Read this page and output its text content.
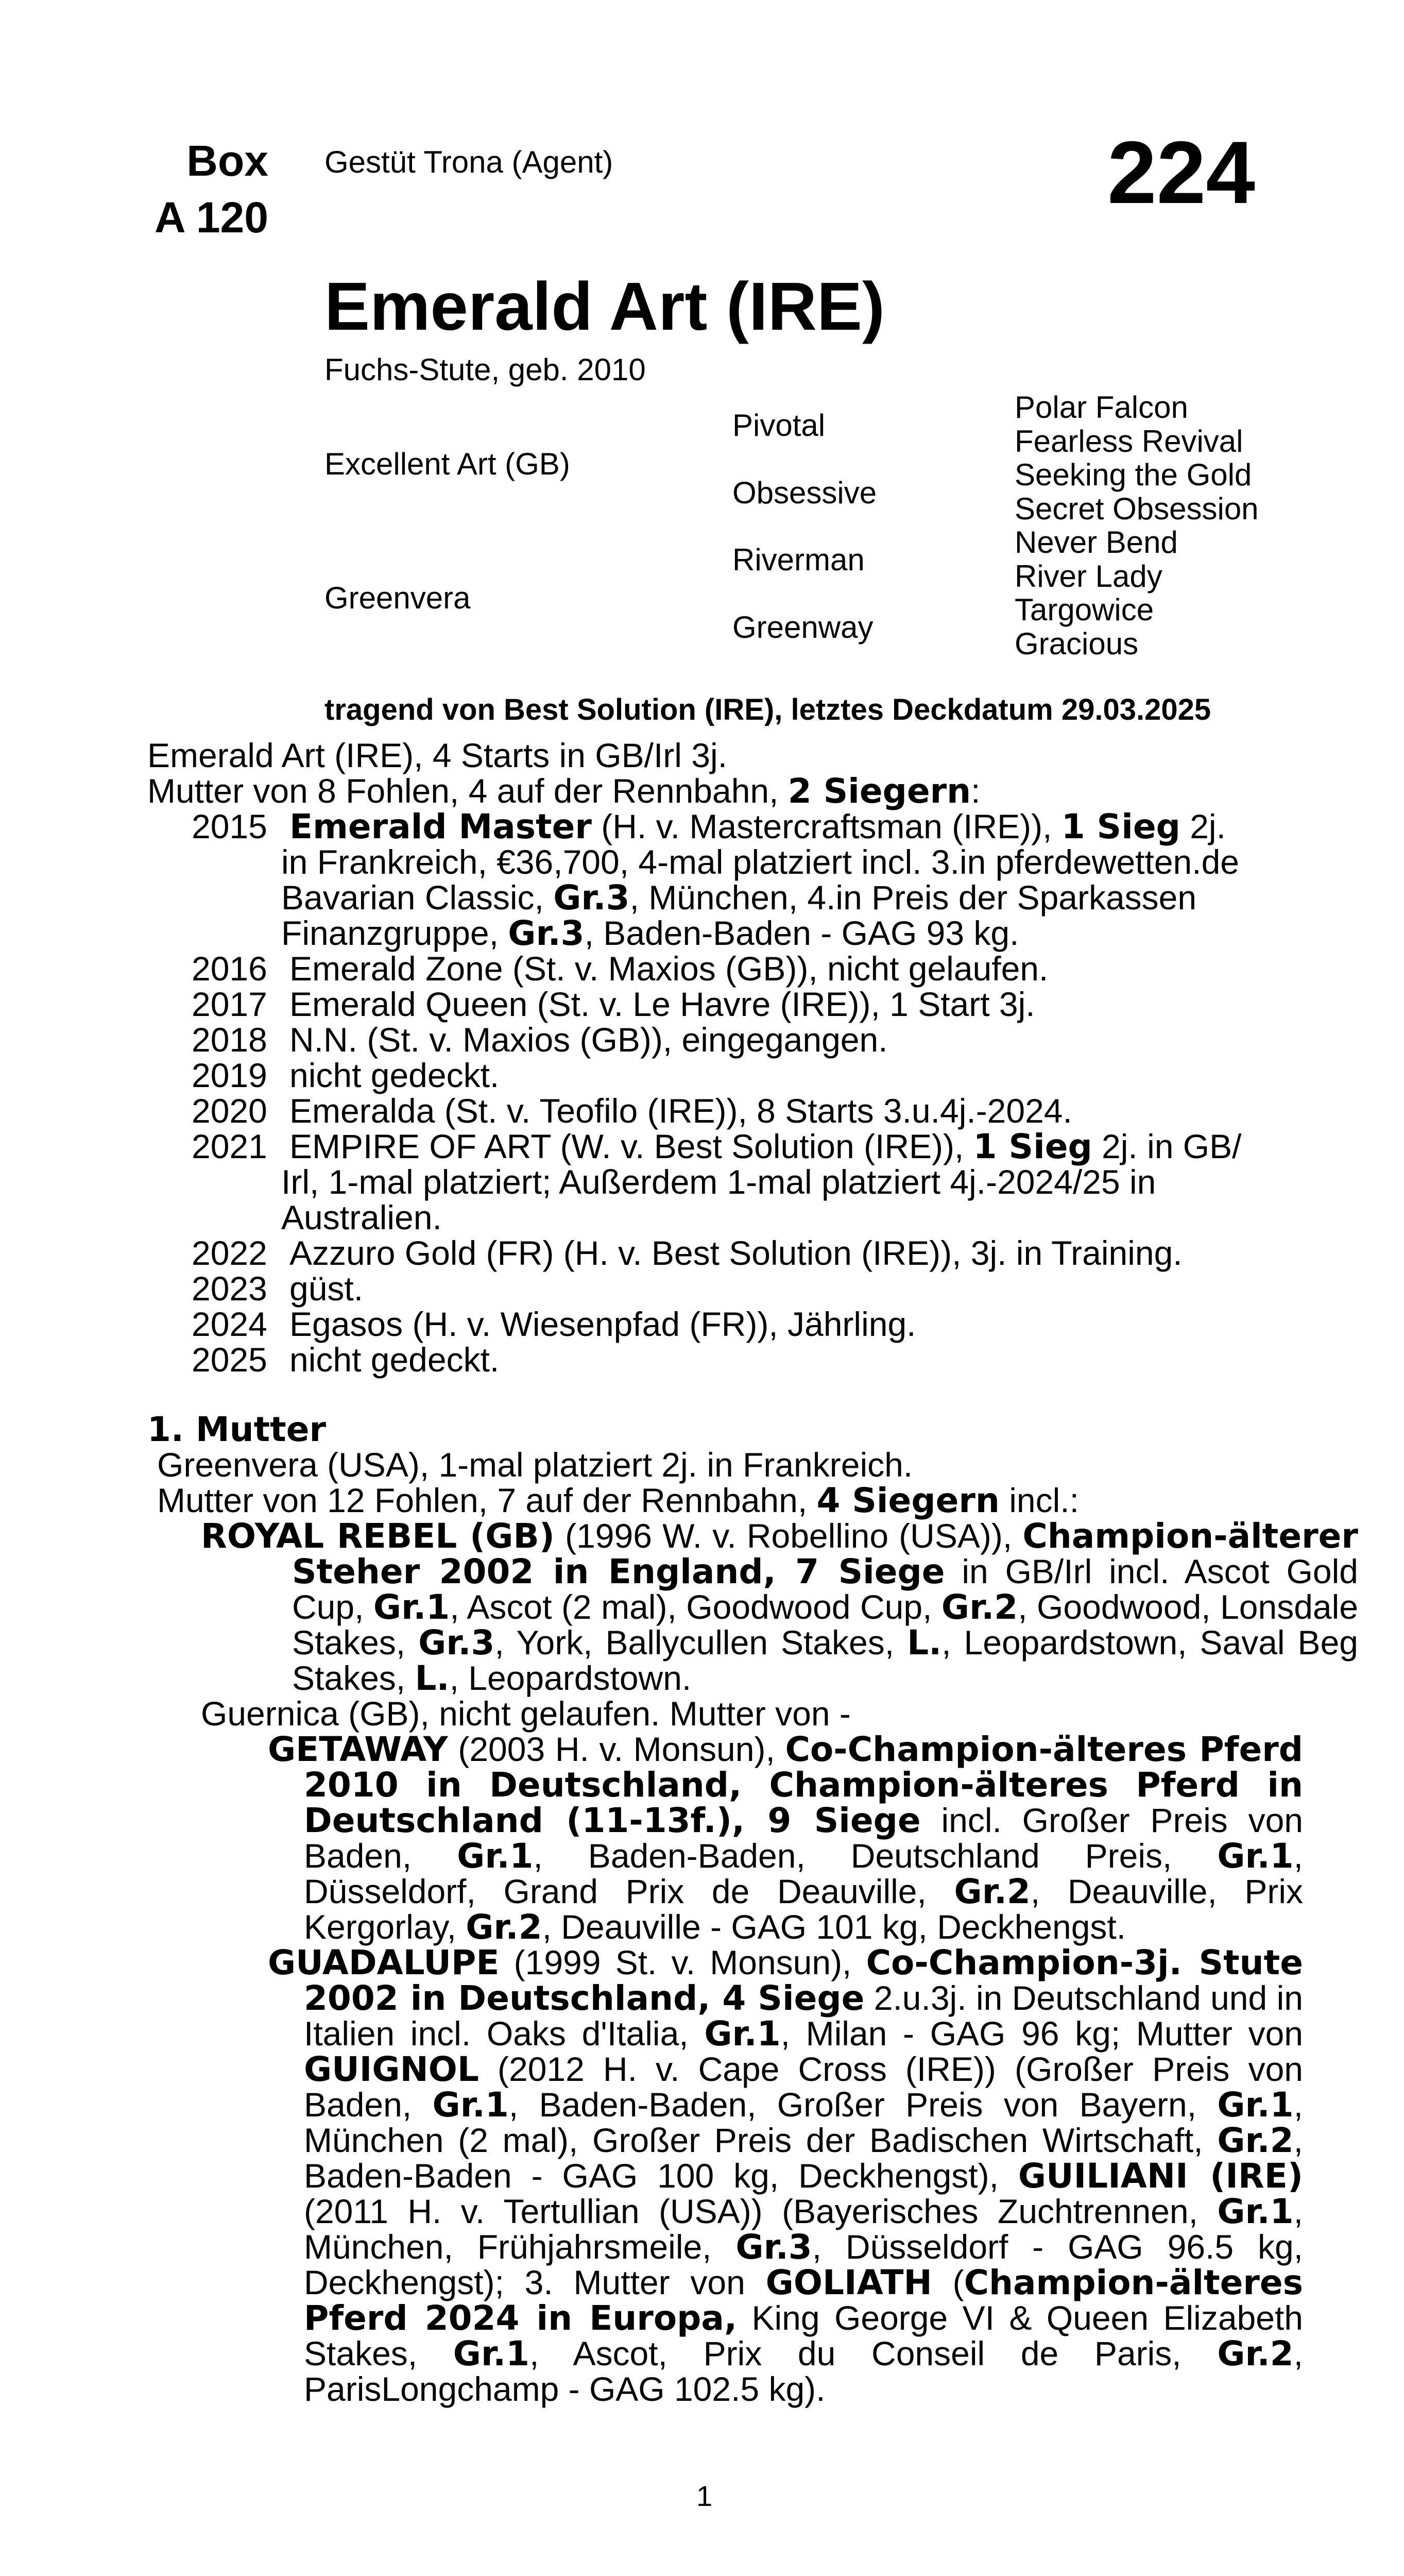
Box
A 120
Gestüt Trona (Agent)	224
Emerald Art (IRE)
Fuchs-Stute, geb. 2010
Excellent Art (GB)
Greenvera
Pivotal
Obsessive
Riverman
Greenway
Polar Falcon
Fearless Revival
Seeking the Gold
Secret Obsession
Never Bend
River Lady
Targowice
Gracious
tragend von Best Solution (IRE), letztes Deckdatum 29.03.2025
Emerald Art (IRE), 4 Starts in GB/Irl 3j.
Mutter von 8 Fohlen, 4 auf der Rennbahn, 2 Siegern:
2015 Emerald Master (H. v. Mastercraftsman (IRE)), 1 Sieg 2j.
in Frankreich, €36,700, 4-mal platziert incl. 3.in pferdewetten.de
Bavarian Classic, Gr.3, München, 4.in Preis der Sparkassen
Finanzgruppe, Gr.3, Baden-Baden - GAG 93 kg.
2016 Emerald Zone (St. v. Maxios (GB)), nicht gelaufen.
2017 Emerald Queen (St. v. Le Havre (IRE)), 1 Start 3j.
2018 N.N. (St. v. Maxios (GB)), eingegangen.
2019 nicht gedeckt.
2020 Emeralda (St. v. Teofilo (IRE)), 8 Starts 3.u.4j.-2024.
2021 EMPIRE OF ART (W. v. Best Solution (IRE)), 1 Sieg 2j. in GB/
Irl, 1-mal platziert; Außerdem 1-mal platziert 4j.-2024/25 in
Australien.
2022 Azzuro Gold (FR) (H. v. Best Solution (IRE)), 3j. in Training.
2023 güst.
2024 Egasos (H. v. Wiesenpfad (FR)), Jährling.
2025 nicht gedeckt.
1. Mutter
Greenvera (USA), 1-mal platziert 2j. in Frankreich.
Mutter von 12 Fohlen, 7 auf der Rennbahn, 4 Siegern incl.:
ROYAL REBEL (GB) (1996 W. v. Robellino (USA)), Champion-älterer Steher 2002 in England, 7 Siege in GB/Irl incl. Ascot Gold Cup, Gr.1, Ascot (2 mal), Goodwood Cup, Gr.2, Goodwood, Lonsdale Stakes, Gr.3, York, Ballycullen Stakes, L., Leopardstown, Saval Beg Stakes, L., Leopardstown.
Guernica (GB), nicht gelaufen. Mutter von -
GETAWAY (2003 H. v. Monsun), Co-Champion-älteres Pferd 2010 in Deutschland, Champion-älteres Pferd in Deutschland (11-13f.), 9 Siege incl. Großer Preis von Baden, Gr.1, Baden-Baden, Deutschland Preis, Gr.1, Düsseldorf, Grand Prix de Deauville, Gr.2, Deauville, Prix Kergorlay, Gr.2, Deauville - GAG 101 kg, Deckhengst.
GUADALUPE (1999 St. v. Monsun), Co-Champion-3j. Stute 2002 in Deutschland, 4 Siege 2.u.3j. in Deutschland und in Italien incl. Oaks d'Italia, Gr.1, Milan - GAG 96 kg; Mutter von GUIGNOL (2012 H. v. Cape Cross (IRE)) (Großer Preis von Baden, Gr.1, Baden-Baden, Großer Preis von Bayern, Gr.1, München (2 mal), Großer Preis der Badischen Wirtschaft, Gr.2, Baden-Baden - GAG 100 kg, Deckhengst), GUILIANI (IRE) (2011 H. v. Tertullian (USA)) (Bayerisches Zuchtrennen, Gr.1, München, Frühjahrsmeile, Gr.3, Düsseldorf - GAG 96.5 kg, Deckhengst); 3. Mutter von GOLIATH (Champion-älteres Pferd 2024 in Europa, King George VI & Queen Elizabeth Stakes, Gr.1, Ascot, Prix du Conseil de Paris, Gr.2, ParisLongchamp - GAG 102.5 kg).
1
